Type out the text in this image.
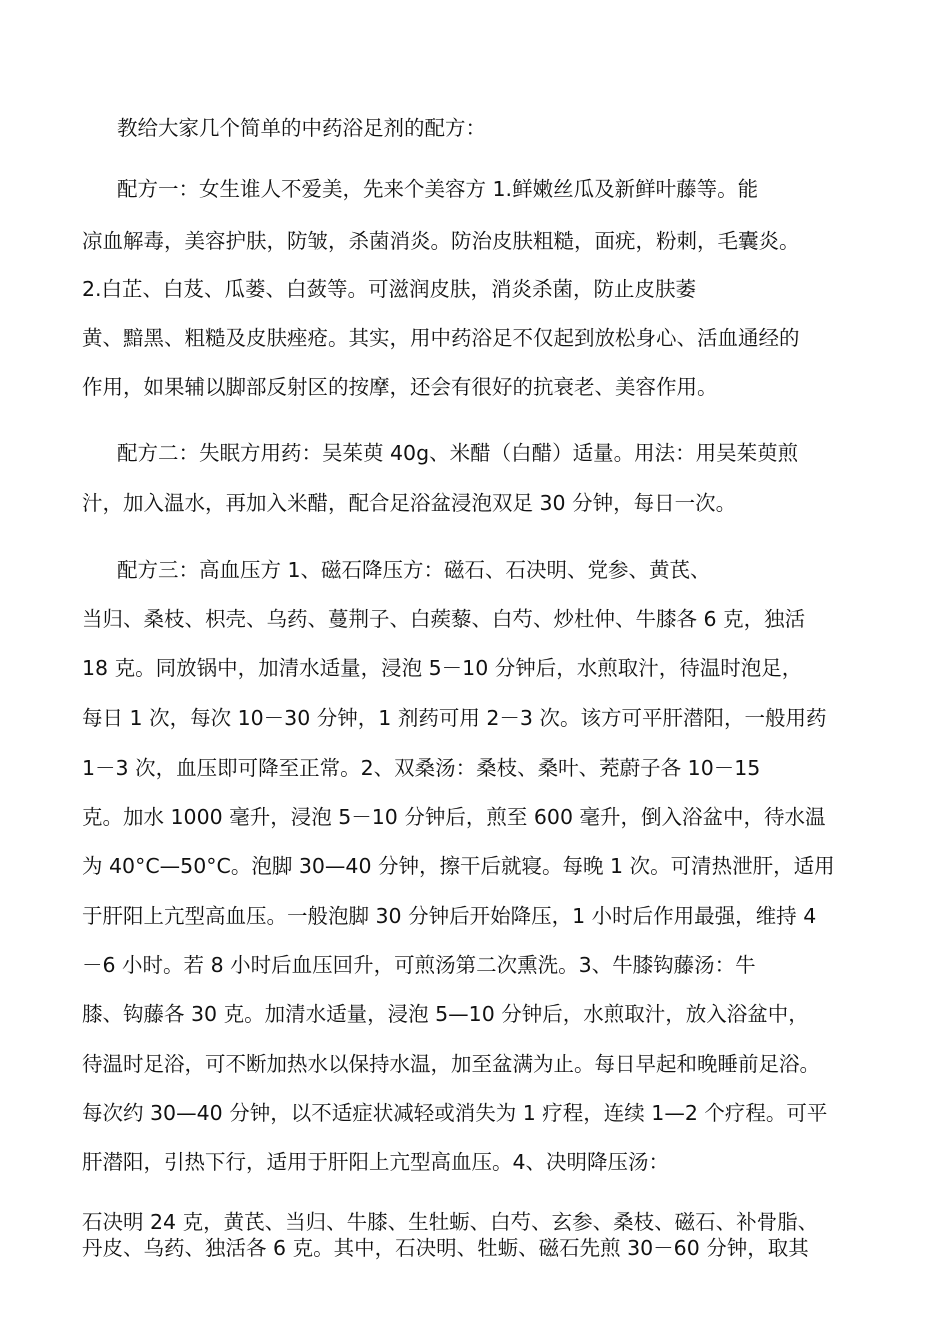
教给大家几个简单的中药浴足剂的配方：
配方一：女生谁人不爱美，先来个美容方 1.鲜嫩丝瓜及新鲜叶藤等。能
凉血解毒，美容护肤，防皱，杀菌消炎。防治皮肤粗糙，面疣，粉刺，毛囊炎。
2.白芷、白芨、瓜蒌、白蔹等。可滋润皮肤，消炎杀菌，防止皮肤萎
黄、黯黑、粗糙及皮肤痤疮。其实，用中药浴足不仅起到放松身心、活血通经的
作用，如果辅以脚部反射区的按摩，还会有很好的抗衰老、美容作用。
配方二：失眠方用药：吴茱萸 40g、米醋（白醋）适量。用法：用吴茱萸煎
汁，加入温水，再加入米醋，配合足浴盆浸泡双足 30 分钟，每日一次。
配方三：高血压方 1、磁石降压方：磁石、石决明、党参、黄芪、
当归、桑枝、枳壳、乌药、蔓荆子、白蒺藜、白芍、炒杜仲、牛膝各 6 克，独活
18 克。同放锅中，加清水适量，浸泡 5－10 分钟后，水煎取汁，待温时泡足，
每日 1 次，每次 10－30 分钟，1 剂药可用 2－3 次。该方可平肝潜阳，一般用药
1－3 次，血压即可降至正常。2、双桑汤：桑枝、桑叶、茺蔚子各 10－15
克。加水 1000 毫升，浸泡 5－10 分钟后，煎至 600 毫升，倒入浴盆中，待水温
为 40°C—50°C。泡脚 30—40 分钟，擦干后就寝。每晚 1 次。可清热泄肝，适用
于肝阳上亢型高血压。一般泡脚 30 分钟后开始降压，1 小时后作用最强，维持 4
－6 小时。若 8 小时后血压回升，可煎汤第二次熏洗。3、牛膝钩藤汤：牛
膝、钩藤各 30 克。加清水适量，浸泡 5—10 分钟后，水煎取汁，放入浴盆中，
待温时足浴，可不断加热水以保持水温，加至盆满为止。每日早起和晚睡前足浴。
每次约 30—40 分钟，以不适症状减轻或消失为 1 疗程，连续 1—2 个疗程。可平
肝潜阳，引热下行，适用于肝阳上亢型高血压。4、决明降压汤：
石决明 24 克，黄芪、当归、牛膝、生牡蛎、白芍、玄参、桑枝、磁石、补骨脂、
丹皮、乌药、独活各 6 克。其中，石决明、牡蛎、磁石先煎 30－60 分钟，取其
